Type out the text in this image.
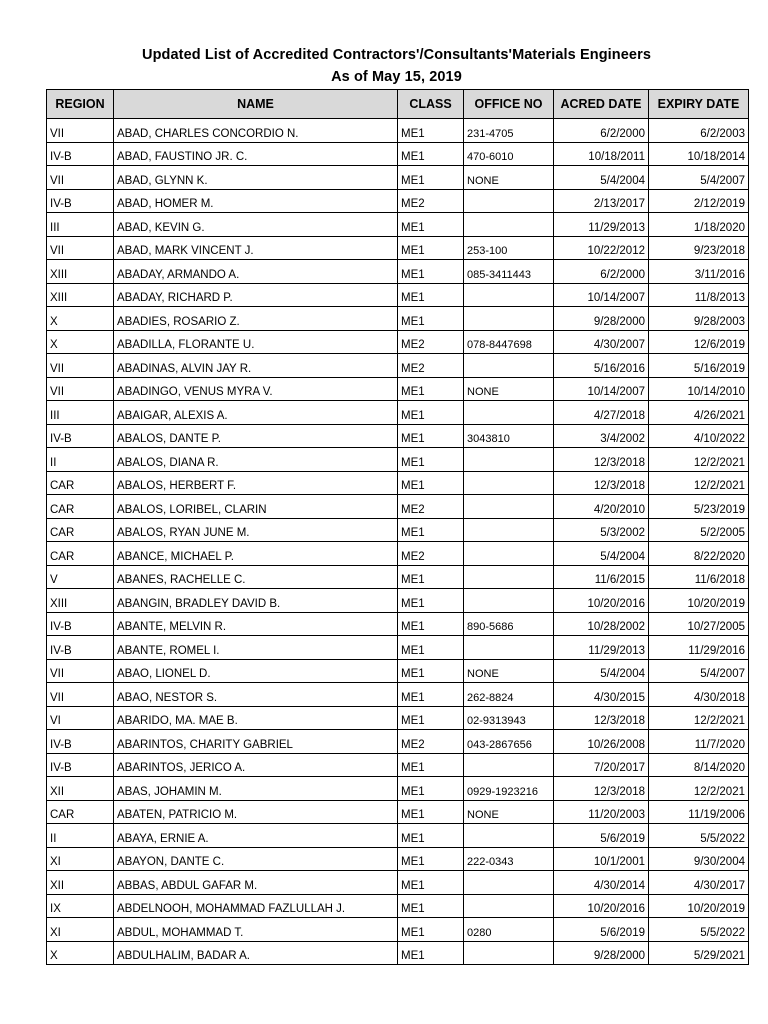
Updated List of Accredited Contractors'/Consultants'Materials Engineers
As of May 15, 2019
REGION	NAME	CLASS	OFFICE NO	ACRED DATE	EXPIRY DATE
VII	ABAD, CHARLES CONCORDIO N.	ME1	231-4705	6/2/2000	6/2/2003
IV-B	ABAD, FAUSTINO JR. C.	ME1	470-6010	10/18/2011	10/18/2014
VII	ABAD, GLYNN K.	ME1	NONE	5/4/2004	5/4/2007
IV-B	ABAD, HOMER M.	ME2		2/13/2017	2/12/2019
III	ABAD, KEVIN G.	ME1		11/29/2013	1/18/2020
VII	ABAD, MARK VINCENT J.	ME1	253-100	10/22/2012	9/23/2018
XIII	ABADAY, ARMANDO A.	ME1	085-3411443	6/2/2000	3/11/2016
XIII	ABADAY, RICHARD P.	ME1		10/14/2007	11/8/2013
X	ABADIES, ROSARIO Z.	ME1		9/28/2000	9/28/2003
X	ABADILLA, FLORANTE U.	ME2	078-8447698	4/30/2007	12/6/2019
VII	ABADINAS, ALVIN JAY R.	ME2		5/16/2016	5/16/2019
VII	ABADINGO, VENUS MYRA V.	ME1	NONE	10/14/2007	10/14/2010
III	ABAIGAR, ALEXIS A.	ME1		4/27/2018	4/26/2021
IV-B	ABALOS, DANTE P.	ME1	3043810	3/4/2002	4/10/2022
II	ABALOS, DIANA R.	ME1		12/3/2018	12/2/2021
CAR	ABALOS, HERBERT F.	ME1		12/3/2018	12/2/2021
CAR	ABALOS, LORIBEL, CLARIN	ME2		4/20/2010	5/23/2019
CAR	ABALOS, RYAN JUNE M.	ME1		5/3/2002	5/2/2005
CAR	ABANCE, MICHAEL P.	ME2		5/4/2004	8/22/2020
V	ABANES, RACHELLE C.	ME1		11/6/2015	11/6/2018
XIII	ABANGIN, BRADLEY DAVID B.	ME1		10/20/2016	10/20/2019
IV-B	ABANTE, MELVIN R.	ME1	890-5686	10/28/2002	10/27/2005
IV-B	ABANTE, ROMEL I.	ME1		11/29/2013	11/29/2016
VII	ABAO, LIONEL D.	ME1	NONE	5/4/2004	5/4/2007
VII	ABAO, NESTOR S.	ME1	262-8824	4/30/2015	4/30/2018
VI	ABARIDO, MA. MAE B.	ME1	02-9313943	12/3/2018	12/2/2021
IV-B	ABARINTOS, CHARITY GABRIEL	ME2	043-2867656	10/26/2008	11/7/2020
IV-B	ABARINTOS, JERICO A.	ME1		7/20/2017	8/14/2020
XII	ABAS, JOHAMIN M.	ME1	0929-1923216	12/3/2018	12/2/2021
CAR	ABATEN, PATRICIO M.	ME1	NONE	11/20/2003	11/19/2006
II	ABAYA, ERNIE A.	ME1		5/6/2019	5/5/2022
XI	ABAYON, DANTE C.	ME1	222-0343	10/1/2001	9/30/2004
XII	ABBAS, ABDUL GAFAR M.	ME1		4/30/2014	4/30/2017
IX	ABDELNOOH, MOHAMMAD FAZLULLAH J.	ME1		10/20/2016	10/20/2019
XI	ABDUL, MOHAMMAD T.	ME1	0280	5/6/2019	5/5/2022
X	ABDULHALIM, BADAR A.	ME1		9/28/2000	5/29/2021
